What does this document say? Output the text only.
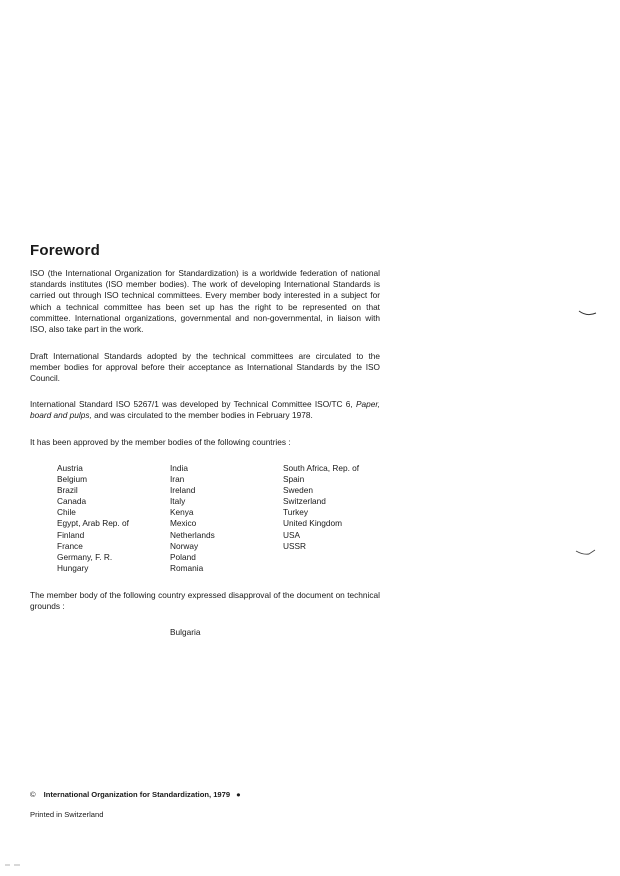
Foreword

ISO (the International Organization for Standardization) is a worldwide federation of national standards institutes (ISO member bodies). The work of developing International Standards is carried out through ISO technical committees. Every member body interested in a subject for which a technical committee has been set up has the right to be represented on that committee. International organizations, governmental and non-governmental, in liaison with ISO, also take part in the work.

Draft International Standards adopted by the technical committees are circulated to the member bodies for approval before their acceptance as International Standards by the ISO Council.

International Standard ISO 5267/1 was developed by Technical Committee ISO/TC 6, Paper, board and pulps, and was circulated to the member bodies in February 1978.

It has been approved by the member bodies of the following countries :

Austria
Belgium
Brazil
Canada
Chile
Egypt, Arab Rep. of
Finland
France
Germany, F. R.
Hungary
India
Iran
Ireland
Italy
Kenya
Mexico
Netherlands
Norway
Poland
Romania
South Africa, Rep. of
Spain
Sweden
Switzerland
Turkey
United Kingdom
USA
USSR

The member body of the following country expressed disapproval of the document on technical grounds :

Bulgaria

© International Organization for Standardization, 1979 ●

Printed in Switzerland
